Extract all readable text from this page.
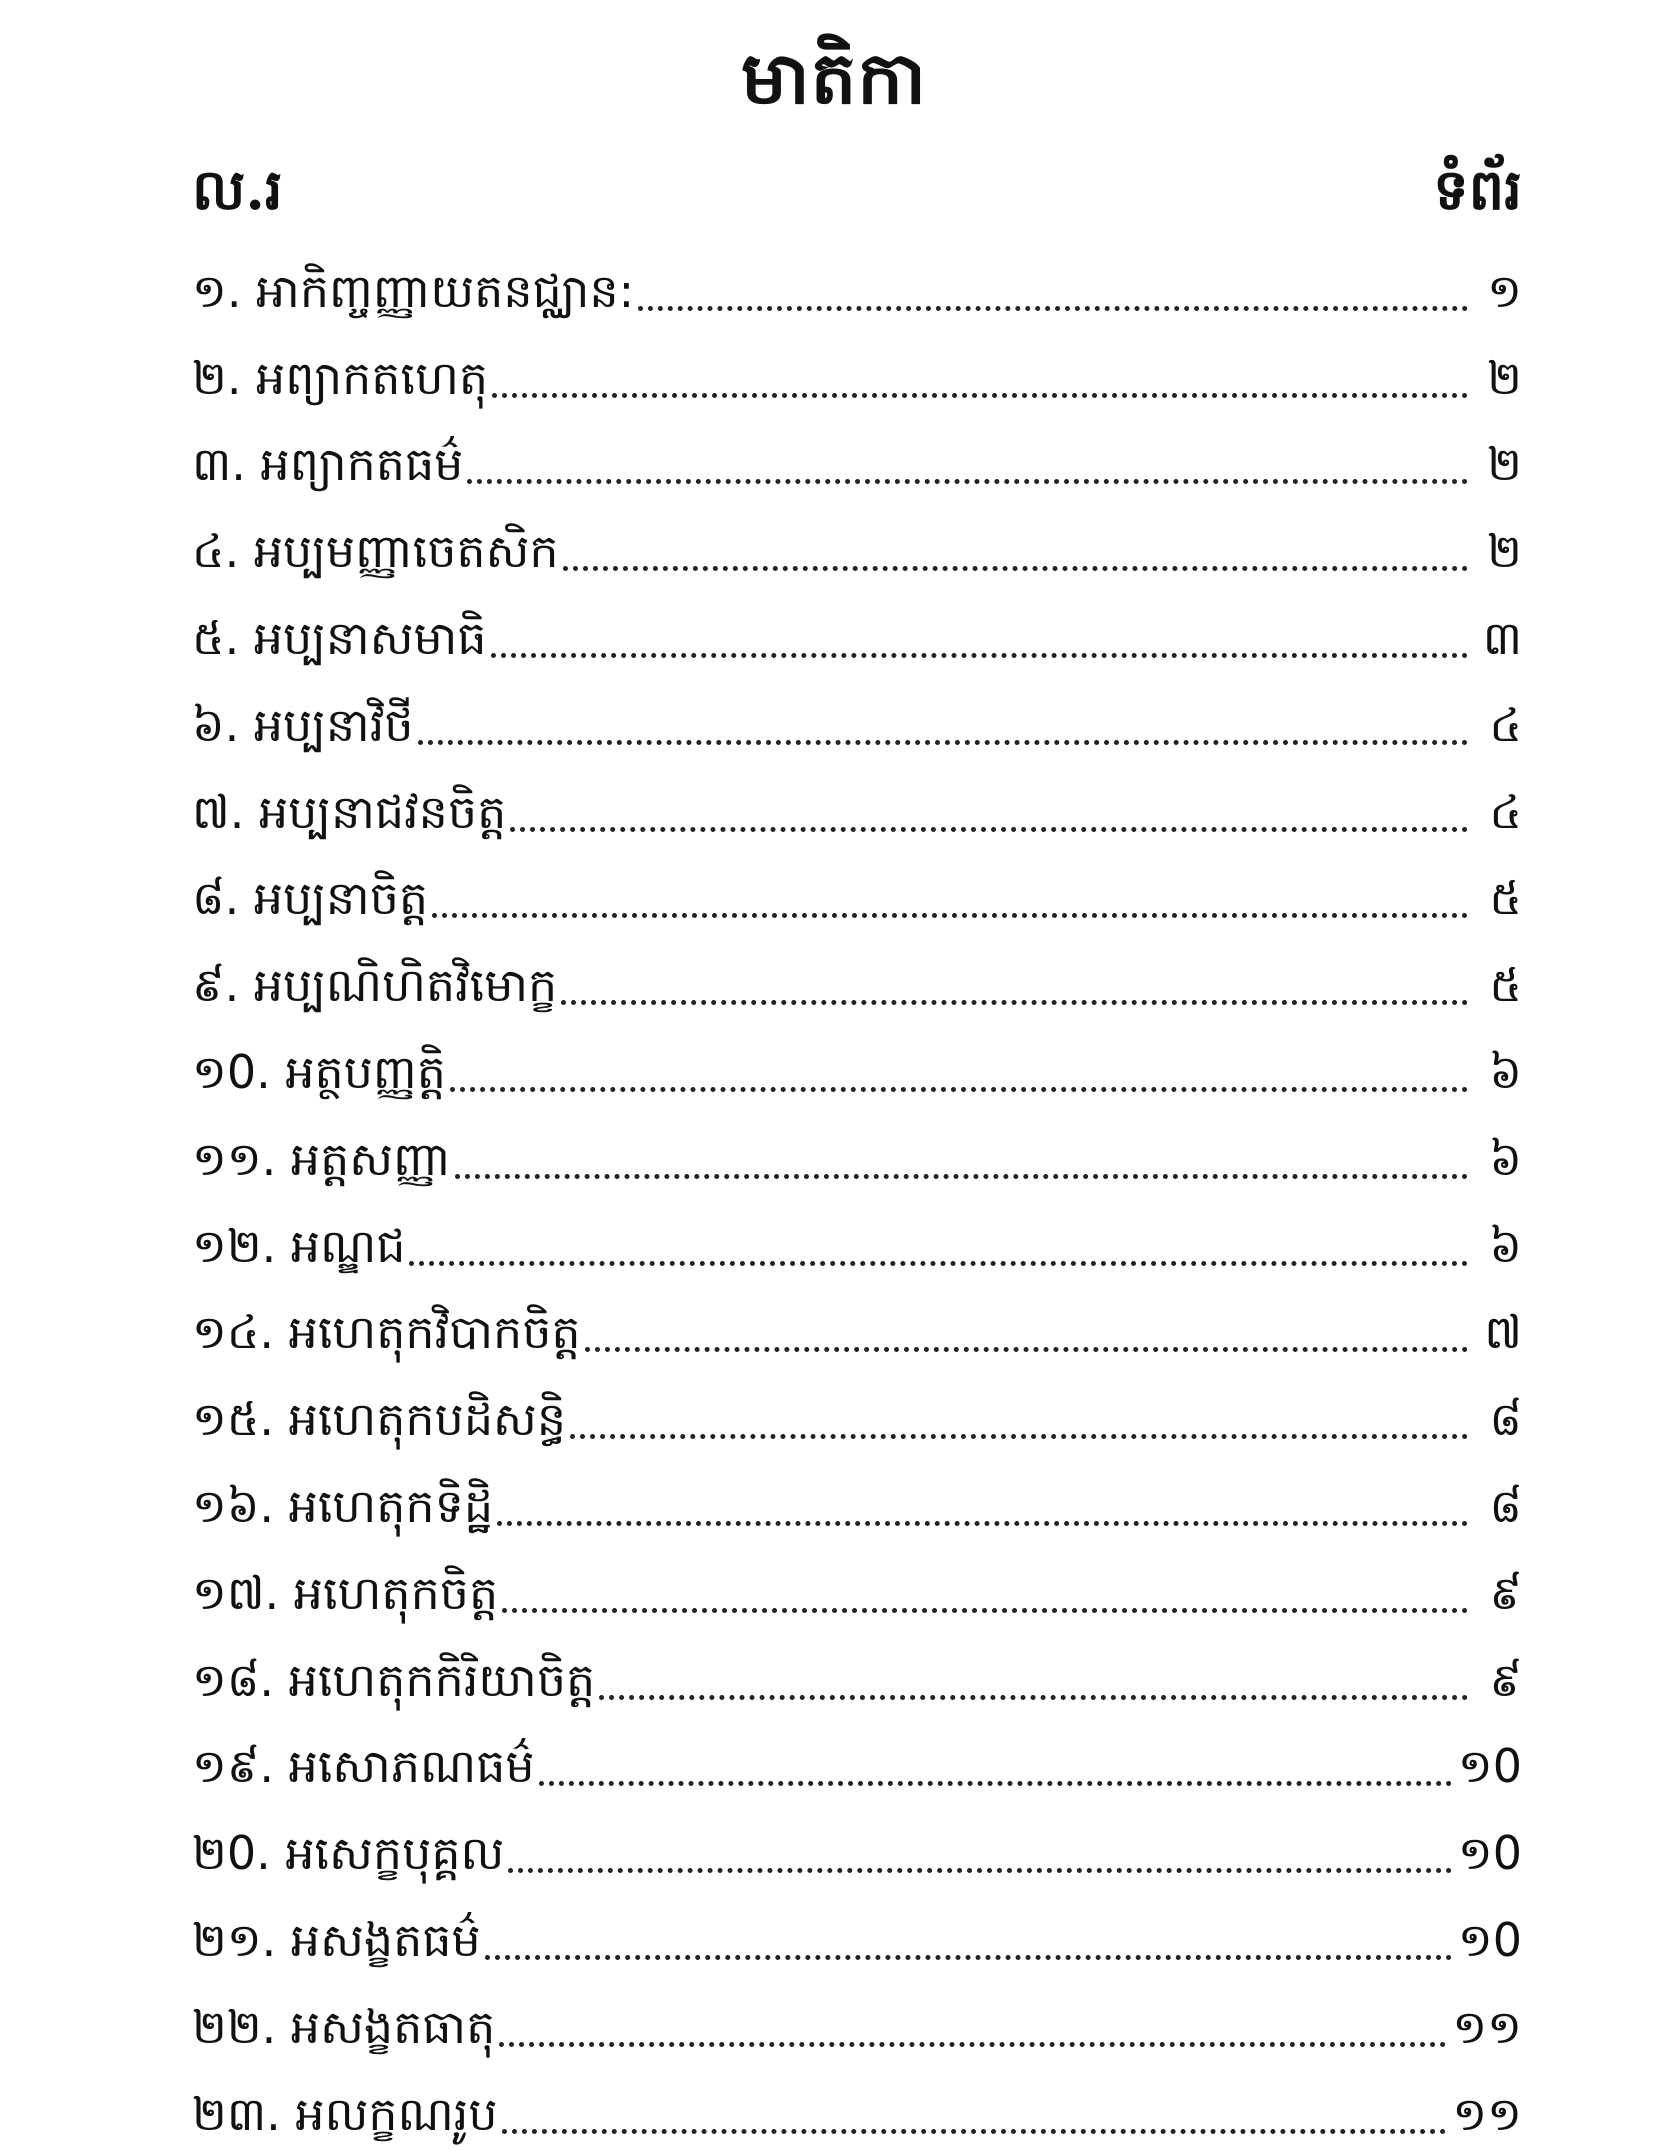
មាតិកា
ល.រ	ទំព័រ
១. អាកិញ្ចញ្ញាយតនជ្ឈាន:	១
២. អព្យាកតហេតុ	២
៣. អព្យាកតធម៌	២
៤. អប្បមញ្ញាចេតសិក	២
៥. អប្បនាសមាធិ	៣
៦. អប្បនាវិថី	៤
៧. អប្បនាជវនចិត្ត	៤
៨. អប្បនាចិត្ត	៥
៩. អប្បណិហិតវិមោក្ខ	៥
១0. អត្ថបញ្ញត្តិ	៦
១១. អត្តសញ្ញា	៦
១២. អណ្ឌជ	៦
១៤. អហេតុកវិបាកចិត្ត	៧
១៥. អហេតុកបដិសន្ធិ	៨
១៦. អហេតុកទិដ្ឋិ	៨
១៧. អហេតុកចិត្ត	៩
១៨. អហេតុកកិរិយាចិត្ត	៩
១៩. អសោភណធម៌	១0
២0. អសេក្ខបុគ្គល	១0
២១. អសង្ខតធម៌	១0
២២. អសង្ខតធាតុ	១១
២៣. អលក្ខណរូប	១១
